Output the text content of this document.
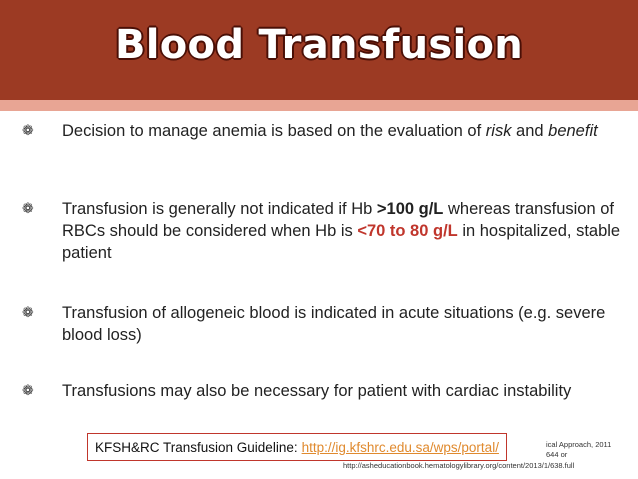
Blood Transfusion
❁	Decision to manage anemia is based on the evaluation of risk and benefit
❁	Transfusion is generally not indicated if Hb >100 g/L whereas transfusion of RBCs should be considered when Hb is <70 to 80 g/L in hospitalized, stable patient
❁	Transfusion of allogeneic blood is indicated in acute situations (e.g. severe blood loss)
❁	Transfusions may also be necessary for patient with cardiac instability
ical Approach, 2011
644 or
http://asheducationbook.hematologylibrary.org/content/2013/1/638.full
KFSH&RC Transfusion Guideline: http://ig.kfshrc.edu.sa/wps/portal/
